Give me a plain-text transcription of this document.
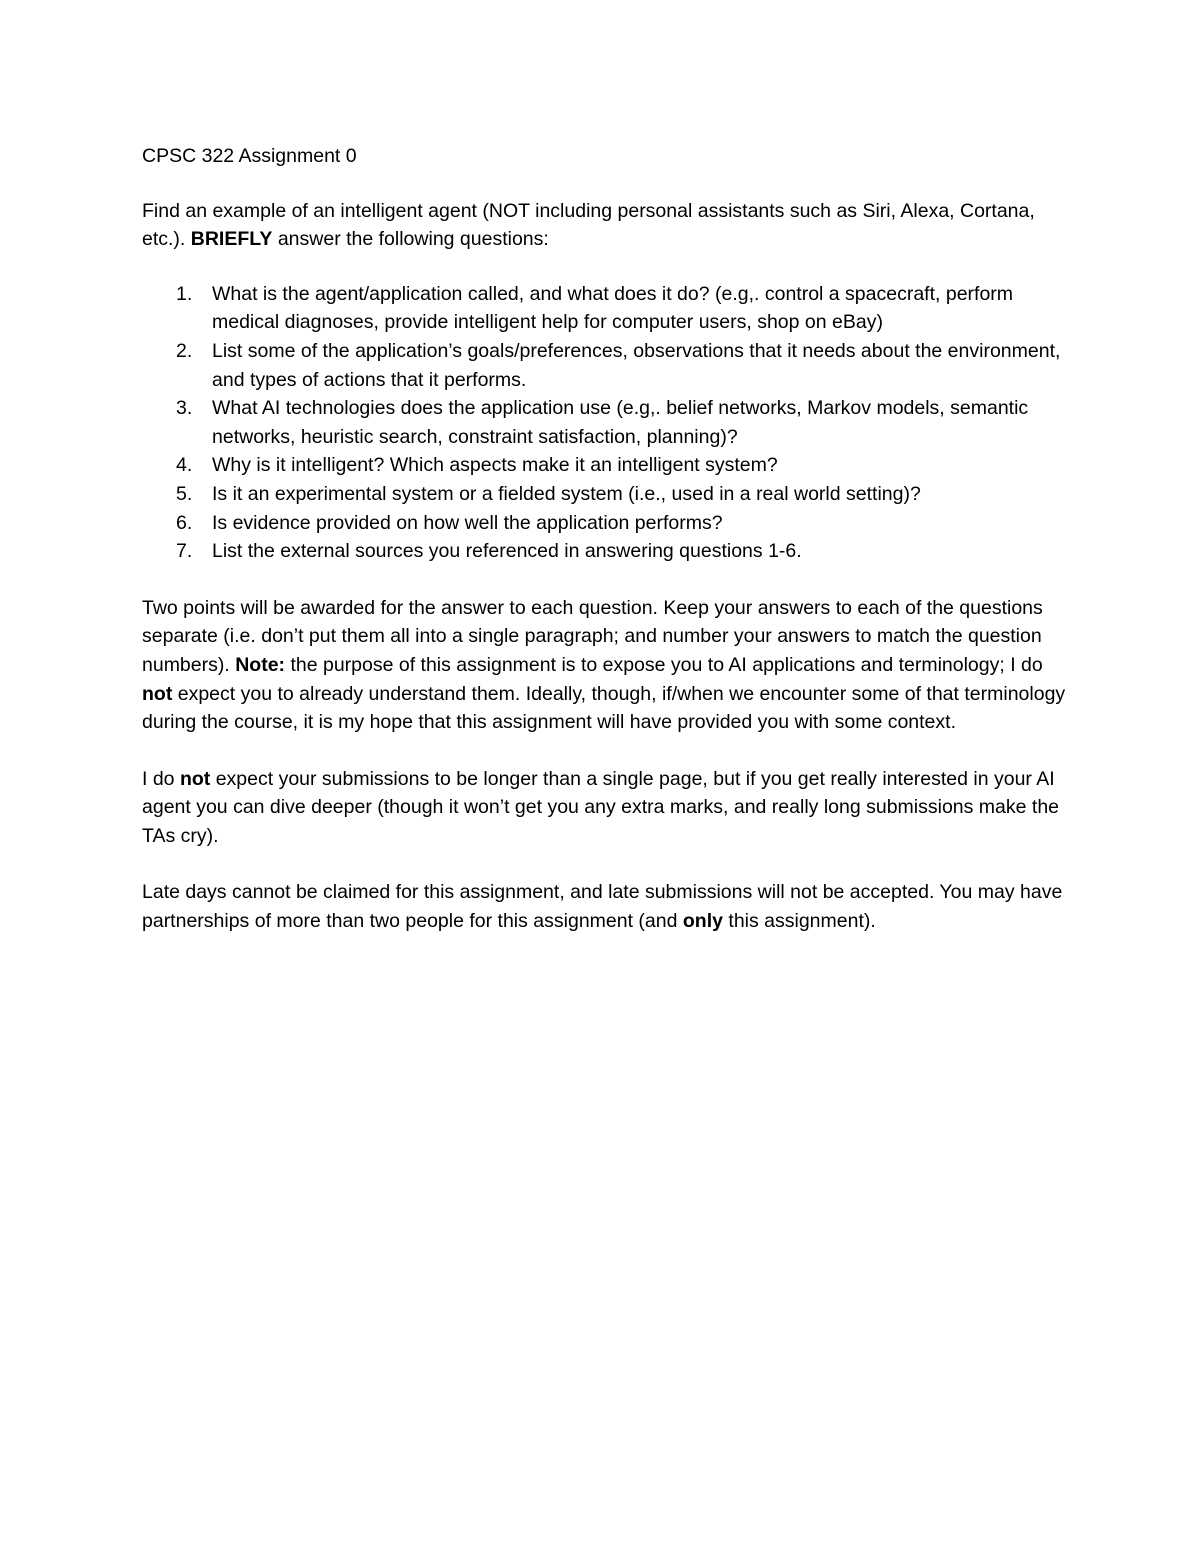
CPSC 322 Assignment 0

Find an example of an intelligent agent (NOT including personal assistants such as Siri, Alexa, Cortana, etc.). BRIEFLY answer the following questions:

1. What is the agent/application called, and what does it do? (e.g,. control a spacecraft, perform medical diagnoses, provide intelligent help for computer users, shop on eBay)
2. List some of the application’s goals/preferences, observations that it needs about the environment, and types of actions that it performs.
3. What AI technologies does the application use (e.g,. belief networks, Markov models, semantic networks, heuristic search, constraint satisfaction, planning)?
4. Why is it intelligent? Which aspects make it an intelligent system?
5. Is it an experimental system or a fielded system (i.e., used in a real world setting)?
6. Is evidence provided on how well the application performs?
7. List the external sources you referenced in answering questions 1-6.

Two points will be awarded for the answer to each question. Keep your answers to each of the questions separate (i.e. don’t put them all into a single paragraph; and number your answers to match the question numbers). Note: the purpose of this assignment is to expose you to AI applications and terminology; I do not expect you to already understand them. Ideally, though, if/when we encounter some of that terminology during the course, it is my hope that this assignment will have provided you with some context.

I do not expect your submissions to be longer than a single page, but if you get really interested in your AI agent you can dive deeper (though it won’t get you any extra marks, and really long submissions make the TAs cry).

Late days cannot be claimed for this assignment, and late submissions will not be accepted. You may have partnerships of more than two people for this assignment (and only this assignment).
